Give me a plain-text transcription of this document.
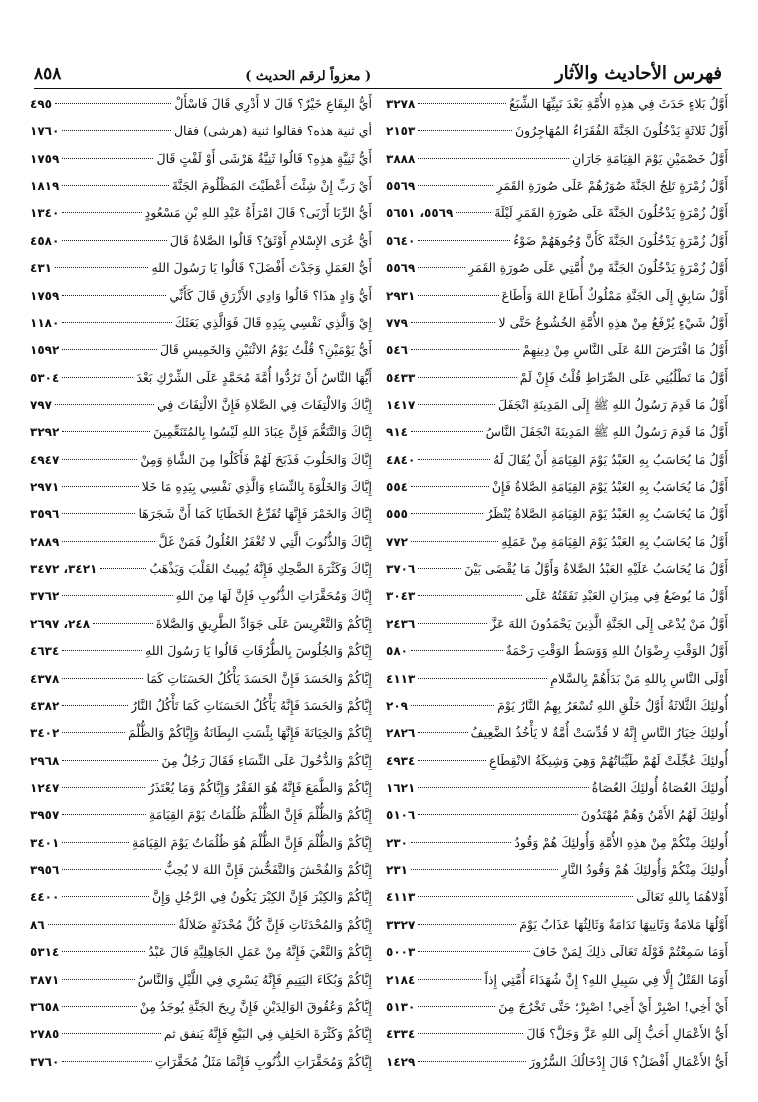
فهرس الأحاديث والآثار
( معزواً لرقم الحديث )
٨٥٨
أَوَّلُ بَلاءٍ حَدَثَ فِي هذِهِ الأُمَّةِ بَعْدَ نَبِيِّهَا الشِّبَعُ
٣٢٧٨
أَوَّلُ ثَلاثَةٍ يَدْخُلُونَ الجَنَّةَ الفُقَرَاءُ المُهَاجِرُونَ
٢١٥٣
أَوَّلُ خَصْمَيْنِ يَوْمَ القِيَامَةِ جَارَانِ
٣٨٨٨
أَوَّلُ زُمْرَةٍ تَلِجُ الجَنَّةَ صُوَرُهُمْ عَلَى صُورَةِ القَمَرِ
٥٥٦٩
أَوَّلُ زُمْرَةٍ يَدْخُلُونَ الجَنَّةَ عَلَى صُورَةِ القَمَرِ لَيْلَةَ
٥٥٦٩، ٥٦٥١
أَوَّلُ زُمْرَةٍ يَدْخُلُونَ الجَنَّةَ كَأَنَّ وُجُوهَهُمْ ضَوْءُ
٥٦٤٠
أَوَّلُ زُمْرَةٍ يَدْخُلُونَ الجَنَّةَ مِنْ أُمَّتِي عَلَى صُورَةِ القَمَرِ
٥٥٦٩
أَوَّلُ سَابِقٍ إِلَى الجَنَّةِ مَمْلُوكٌ أَطَاعَ اللهَ وَأَطَاعَ
٢٩٣١
أَوَّلُ شَيْءٍ يُرْفَعُ مِنْ هذِهِ الأُمَّةِ الخُشُوعُ حَتَّى لا
٧٧٩
أَوَّلُ مَا افْتَرَضَ اللهُ عَلَى النَّاسِ مِنْ دِينِهِمْ
٥٤٦
أَوَّلُ مَا تَطْلُبُنِي عَلَى الصِّرَاطِ قُلْتُ فَإِنْ لَمْ
٥٤٣٣
أَوَّلُ مَا قَدِمَ رَسُولُ اللهِ ﷺ إِلَى المَدِينَةِ انْجَفَلَ
١٤١٧
أَوَّلُ مَا قَدِمَ رَسُولُ اللهِ ﷺ المَدِينَةَ انْجَفَلَ النَّاسُ
٩١٤
أَوَّلُ مَا يُحَاسَبُ بِهِ العَبْدُ يَوْمَ القِيَامَةِ أَنْ يُقَالَ لَهُ
٤٨٤٠
أَوَّلُ مَا يُحَاسَبُ بِهِ العَبْدُ يَوْمَ القِيَامَةِ الصَّلاةُ فَإِنْ
٥٥٤
أَوَّلُ مَا يُحَاسَبُ بِهِ العَبْدُ يَوْمَ القِيَامَةِ الصَّلاةُ يُنْظَرُ
٥٥٥
أَوَّلُ مَا يُحَاسَبُ بِهِ العَبْدُ يَوْمَ القِيَامَةِ مِنْ عَمَلِهِ
٧٧٢
أَوَّلُ مَا يُحَاسَبُ عَلَيْهِ العَبْدُ الصَّلاةُ وَأَوَّلُ مَا يُقْضَى بَيْنَ
٣٧٠٦
أَوَّلُ مَا يُوضَعُ فِي مِيزَانِ العَبْدِ نَفَقَتُهُ عَلَى
٣٠٤٣
أَوَّلُ مَنْ يُدْعَى إِلَى الجَنَّةِ الَّذِينَ يَحْمَدُونَ اللهَ عَزَّ
٢٤٣٦
أَوَّلُ الوَقْتِ رِضْوَانُ اللهِ وَوَسَطُ الوَقْتِ رَحْمَةٌ
٥٨٠
أَوْلَى النَّاسِ بِاللهِ مَنْ بَدَأَهُمْ بِالسَّلامِ
٤١١٣
أُولئِكَ الثَّلاثَةُ أَوَّلُ خَلْقِ اللهِ تُسْعَرُ بِهِمُ النَّارُ يَوْمَ
٢٠٩
أُولئِكَ خِيَارُ النَّاسِ إِنَّهُ لا قُدِّسَتْ أُمَّةٌ لا يَأْخُذُ الضَّعِيفُ
٢٨٢٦
أُولئِكَ عُجِّلَتْ لَهُمْ طَيِّبَاتُهُمْ وَهِيَ وَشِيكَةُ الانْقِطَاعِ
٤٩٣٤
أُولئِكَ العُصَاةُ أُولئِكَ العُصَاةُ
١٦٢١
أُولئِكَ لَهُمُ الأَمْنُ وَهُمْ مُهْتَدُونَ
٥١٠٦
أُولئِكَ مِنْكُمْ مِنْ هذِهِ الأُمَّةِ وَأُولئِكَ هُمْ وَقُودُ
٢٣٠
أُولئِكَ مِنْكُمْ وَأُولئِكَ هُمْ وَقُودُ النَّارِ
٢٣١
أَوْلاهُمَا بِاللهِ تَعَالَى
٤١١٣
أَوَّلُهَا مَلامَةٌ وَثَانِيهَا نَدَامَةٌ وَثَالِثُهَا عَذَابٌ يَوْمَ
٣٣٢٧
أَوَمَا سَمِعْتُمْ قَوْلَهُ تَعَالَى ذلِكَ لِمَنْ خَافَ
٥٠٠٣
أَوَمَا القَتْلُ إِلَّا فِي سَبِيلِ اللهِ؟ إِنَّ شُهَدَاءَ أُمَّتِي إِذاً
٢١٨٤
أَيْ أَخِي! اصْبِرْ أَيْ أَخِي! اصْبِرْ؛ حَتَّى تَخْرُجَ مِنَ
٥١٣٠
أَيُّ الأَعْمَالِ أَحَبُّ إِلَى اللهِ عَزَّ وَجَلَّ؟ قَالَ
٤٣٣٤
أَيُّ الأَعْمَالِ أَفْضَلُ؟ قَالَ إِدْخَالُكَ السُّرُورَ
١٤٢٩
أَيُّ البِقَاعِ خَيْرٌ؟ قَالَ لا أَدْرِي قَالَ فَاسْأَلْ
٤٩٥
أي ثنية هذه؟ فقالوا ثنية (هرشى) فقال
١٧٦٠
أَيُّ ثَنِيَّةٍ هذِهِ؟ قَالُوا ثَنِيَّةُ هَرْشَى أَوْ لَفْتٍ قَالَ
١٧٥٩
أَيْ رَبِّ إِنْ شِئْتَ أَعْطَيْتَ المَظْلُومَ الجَنَّةَ
١٨١٩
أَيُّ الرِّبَا أَرْبَى؟ قَالَ امْرَأَةُ عَبْدِ اللهِ بْنِ مَسْعُودٍ
١٣٤٠
أَيُّ عُرَى الإِسْلامِ أَوْثَقُ؟ قَالُوا الصَّلاةُ قَالَ
٤٥٨٠
أَيُّ العَمَلِ وَجَدْتَ أَفْضَلَ؟ قَالُوا يَا رَسُولَ اللهِ
٤٣١
أَيُّ وَادٍ هذَا؟ قَالُوا وَادِي الأَزْرَقِ قَالَ كَأَنِّي
١٧٥٩
إِيْ وَالَّذِي نَفْسِي بِيَدِهِ قَالَ فَوَالَّذِي بَعَثَكَ
١١٨٠
أَيُّ يَوْمَيْنِ؟ قُلْتُ يَوْمُ الاثْنَيْنِ وَالخَمِيسِ قَالَ
١٥٩٢
أَيُّهَا النَّاسُ أَنْ تَرُدُّوا أُمَّةَ مُحَمَّدٍ عَلَى الشِّرْكِ بَعْدَ
٥٣٠٤
إِيَّاكَ وَالالْتِفَاتَ فِي الصَّلاةِ فَإِنَّ الالْتِفَاتَ فِي
٧٩٧
إِيَّاكَ وَالتَّنَعُّمَ فَإِنَّ عِبَادَ اللهِ لَيْسُوا بِالمُتَنَعِّمِينَ
٣٢٩٢
إِيَّاكَ وَالحَلُوبَ فَذَبَحَ لَهُمْ فَأَكَلُوا مِنَ الشَّاةِ وَمِنْ
٤٩٤٧
إِيَّاكَ وَالخَلْوَةَ بِالنِّسَاءِ وَالَّذِي نَفْسِي بِيَدِهِ مَا خَلا
٢٩٧١
إِيَّاكَ وَالخَمْرَ فَإِنَّهَا تُفَرِّعُ الخَطَايَا كَمَا أَنَّ شَجَرَهَا
٣٥٩٦
إِيَّاكَ وَالذُّنُوبَ الَّتِي لا تُغْفَرُ الغُلُولُ فَمَنْ غَلَّ
٢٨٨٩
إِيَّاكَ وَكَثْرَةَ الضَّحِكِ فَإِنَّهُ يُمِيتُ القَلْبَ وَيَذْهَبُ
٣٤٢١، ٣٤٧٢
إِيَّاكَ وَمُحَقَّرَاتِ الذُّنُوبِ فَإِنَّ لَهَا مِنَ اللهِ
٣٧٦٢
إِيَّاكُمْ وَالتَّعْرِيسَ عَلَى جَوَادِّ الطَّرِيقِ وَالصَّلاةَ
٢٤٨، ٢٦٩٧
إِيَّاكُمْ وَالجُلُوسَ بِالطُّرُقَاتِ قَالُوا يَا رَسُولَ اللهِ
٤٦٣٤
إِيَّاكُمْ وَالحَسَدَ فَإِنَّ الحَسَدَ يَأْكُلُ الحَسَنَاتِ كَمَا
٤٣٧٨
إِيَّاكُمْ وَالحَسَدَ فَإِنَّهُ يَأْكُلُ الحَسَنَاتِ كَمَا تَأْكُلُ النَّارُ
٤٣٨٢
إِيَّاكُمْ وَالخِيَانَةَ فَإِنَّهَا بِئْسَتِ البِطَانَةُ وَإِيَّاكُمْ وَالظُّلْمَ
٣٤٠٢
إِيَّاكُمْ وَالدُّخُولَ عَلَى النِّسَاءِ فَقَالَ رَجُلٌ مِنَ
٢٩٦٨
إِيَّاكُمْ وَالطَّمَعَ فَإِنَّهُ هُوَ الفَقْرُ وَإِيَّاكُمْ وَمَا يُعْتَذَرُ
١٢٤٧
إِيَّاكُمْ وَالظُّلْمَ فَإِنَّ الظُّلْمَ ظُلُمَاتٌ يَوْمَ القِيَامَةِ
٣٩٥٧
إِيَّاكُمْ وَالظُّلْمَ فَإِنَّ الظُّلْمَ هُوَ ظُلُمَاتٌ يَوْمَ القِيَامَةِ
٣٤٠١
إِيَّاكُمْ وَالفُحْشَ وَالتَّفَحُّشَ فَإِنَّ اللهَ لا يُحِبُّ
٣٩٥٦
إِيَّاكُمْ وَالكِبْرَ فَإِنَّ الكِبْرَ يَكُونُ فِي الرَّجُلِ وَإِنَّ
٤٤٠٠
إِيَّاكُمْ وَالمُحْدَثَاتِ فَإِنَّ كُلَّ مُحْدَثَةٍ ضَلالَةٌ
٨٦
إِيَّاكُمْ وَالنَّعْيَ فَإِنَّهُ مِنْ عَمَلِ الجَاهِلِيَّةِ قَالَ عَبْدُ
٥٣١٤
إِيَّاكُمْ وَبُكَاءَ اليَتِيمِ فَإِنَّهُ يَسْرِي فِي اللَّيْلِ وَالنَّاسُ
٣٨٧١
إِيَّاكُمْ وَعُقُوقَ الوَالِدَيْنِ فَإِنَّ رِيحَ الجَنَّةِ يُوجَدُ مِنْ
٣٦٥٨
إِيَّاكُمْ وَكَثْرَةَ الحَلِفِ فِي البَيْعِ فَإِنَّهُ يَنفق ثم
٢٧٨٥
إِيَّاكُمْ وَمُحَقَّرَاتِ الذُّنُوبِ فَإِنَّمَا مَثَلُ مُحَقَّرَاتِ
٣٧٦٠
